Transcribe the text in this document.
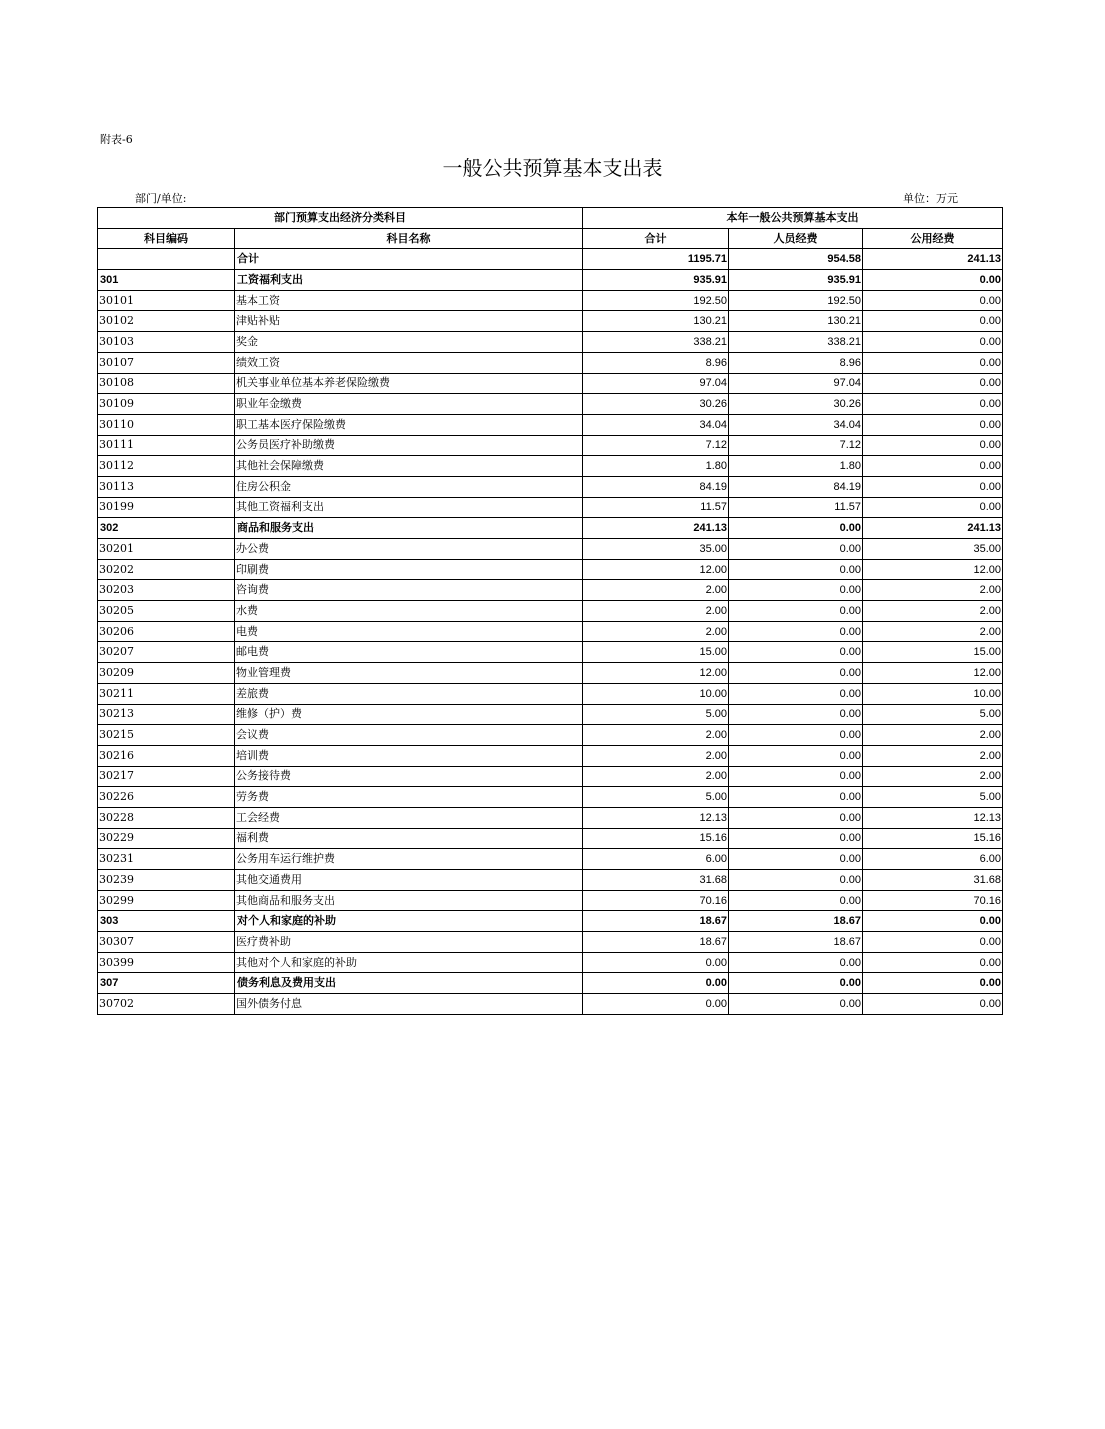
附表-6
一般公共预算基本支出表
部门/单位:	单位：万元
部门预算支出经济分类科目		本年一般公共预算基本支出		
科目编码	科目名称	合计	人员经费	公用经费
	合计	1195.71	954.58	241.13
301	工资福利支出	935.91	935.91	0.00
30101	基本工资	192.50	192.50	0.00
30102	津贴补贴	130.21	130.21	0.00
30103	奖金	338.21	338.21	0.00
30107	绩效工资	8.96	8.96	0.00
30108	机关事业单位基本养老保险缴费	97.04	97.04	0.00
30109	职业年金缴费	30.26	30.26	0.00
30110	职工基本医疗保险缴费	34.04	34.04	0.00
30111	公务员医疗补助缴费	7.12	7.12	0.00
30112	其他社会保障缴费	1.80	1.80	0.00
30113	住房公积金	84.19	84.19	0.00
30199	其他工资福利支出	11.57	11.57	0.00
302	商品和服务支出	241.13	0.00	241.13
30201	办公费	35.00	0.00	35.00
30202	印刷费	12.00	0.00	12.00
30203	咨询费	2.00	0.00	2.00
30205	水费	2.00	0.00	2.00
30206	电费	2.00	0.00	2.00
30207	邮电费	15.00	0.00	15.00
30209	物业管理费	12.00	0.00	12.00
30211	差旅费	10.00	0.00	10.00
30213	维修（护）费	5.00	0.00	5.00
30215	会议费	2.00	0.00	2.00
30216	培训费	2.00	0.00	2.00
30217	公务接待费	2.00	0.00	2.00
30226	劳务费	5.00	0.00	5.00
30228	工会经费	12.13	0.00	12.13
30229	福利费	15.16	0.00	15.16
30231	公务用车运行维护费	6.00	0.00	6.00
30239	其他交通费用	31.68	0.00	31.68
30299	其他商品和服务支出	70.16	0.00	70.16
303	对个人和家庭的补助	18.67	18.67	0.00
30307	医疗费补助	18.67	18.67	0.00
30399	其他对个人和家庭的补助	0.00	0.00	0.00
307	债务利息及费用支出	0.00	0.00	0.00
30702	国外债务付息	0.00	0.00	0.00
